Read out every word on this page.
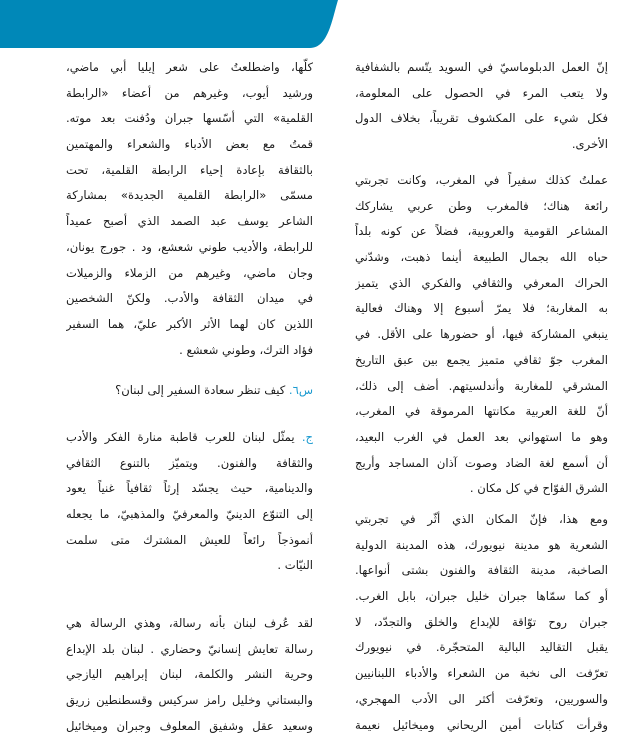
إنّ العمل الدبلوماسيّ في السويد يتّسم بالشفافية
ولا يتعب المرء في الحصول على المعلومة،
فكل شيء على المكشوف تقريباً، بخلاف الدول
الأخرى.
عملتُ كذلك سفيراً في المغرب، وكانت تجربتي
رائعة هناك؛ فالمغرب وطن عربي يشاركك
المشاعر القومية والعروبية، فضلاً عن كونه بلداً
حباه الله بجمال الطبيعة أينما ذهبت، وشدّني
الحراك المعرفي والثقافي والفكري الذي يتميز
به المغاربة؛ فلا يمرّ أسبوع إلا وهناك فعالية
ينبغي المشاركة فيها، أو حضورها على الأقل. في
المغرب جوّ ثقافي متميز يجمع بين عبق التاريخ
المشرقي للمغاربة وأندلسيتهم. أضف إلى ذلك،
أنّ للغة العربية مكانتها المرموقة في المغرب،
وهو ما استهواني بعد العمل في الغرب البعيد،
أن أسمع لغة الضاد وصوت آذان المساجد وأريج
الشرق الفوّاح في كل مكان .
ومع هذا، فإنّ المكان الذي أثّر في تجربتي
الشعرية هو مدينة نيويورك، هذه المدينة الدولية
الصاخبة، مدينة الثقافة والفنون بشتى أنواعها.
أو كما سمّاها جبران خليل جبران، بابل الغرب.
جبران روح توّاقة للإبداع والخلق والتجدّد، لا
يقبل التقاليد البالية المتحجّرة. في نيويورك
تعرّفت الى نخبة من الشعراء والأدباء اللبنانيين
والسوريين، وتعرّفت أكثر الى الأدب المهجري،
وقرأت كتابات أمين الريحاني وميخائيل نعيمة
كلّها، واضطلعتُ على شعر إيليا أبي ماضي،
ورشيد أيوب، وغيرهم من أعضاء «الرابطة
القلمية» التي أسّسها جبران ودُفنت بعد موته.
قمتُ مع بعض الأدباء والشعراء والمهتمين
بالثقافة بإعادة إحياء الرابطة القلمية، تحت
مسمّى «الرابطة القلمية الجديدة» بمشاركة
الشاعر يوسف عبد الصمد الذي أصبح عميداً
للرابطة، والأديب طوني شعشع، ود . جورج يونان،
وجان ماضي، وغيرهم من الزملاء والزميلات
في ميدان الثقافة والأدب. ولكنّ الشخصين
اللذين كان لهما الأثر الأكبر عليّ، هما السفير
فؤاد الترك، وطوني شعشع .
س٦. كيف تنظر سعادة السفير إلى لبنان؟
ج. يمثّل لبنان للعرب قاطبة منارة الفكر والأدب
والثقافة والفنون. ويتميّز بالتنوع الثقافي
والدينامية، حيث يجسّد إرثاً ثقافياً غنياً يعود
إلى التنوّع الدينيّ والمعرفيّ والمذهبيّ، ما يجعله
أنموذجاً رائعاً للعيش المشترك متى سلمت
النيّات .
لقد عُرف لبنان بأنه رسالة، وهذي الرسالة هي
رسالة تعايش إنسانيّ وحضاري . لبنان بلد الإبداع
وحرية النشر والكلمة، لبنان إبراهيم اليازجي
والبستاني وخليل رامز سركيس وقسطنطين زريق
وسعيد عقل وشفيق المعلوف وجبران وميخائيل
